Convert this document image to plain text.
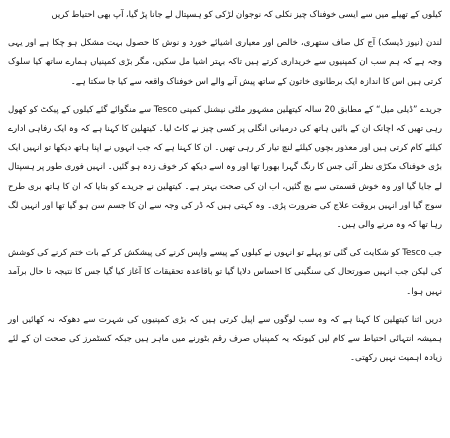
کیلوں کے تھیلے میں سے ایسی خوفناک چیز نکلی کہ نوجوان لڑکی کو ہسپتال لے جانا پڑ گیا، آپ بھی احتیاط کریں

لندن (نیوز ڈیسک) آج کل صاف ستھری، خالص اور معیاری اشیائے خورد و نوش کا حصول بہت مشکل ہو چکا ہے اور یہی وجہ ہے کہ ہم سب ان کمپنیوں سے خریداری کرتے ہیں تاکہ بہتر اشیا مل سکیں، مگر بڑی کمپنیاں ہمارے ساتھ کیا سلوک کرتی ہیں اس کا اندازہ ایک برطانوی خاتون کے ساتھ پیش آنے والے اس خوفناک واقعہ سے کیا جا سکتا ہے۔

جریدے ”ڈیلی میل“ کے مطابق 20 سالہ کیتھلین مشہور ملٹی نیشنل کمپنی Tesco سے منگوائے گئے کیلوں کے پیکٹ کو کھول رہی تھیں کہ اچانک ان کے بائیں ہاتھ کی درمیانی انگلی پر کسی چیز نے کاٹ لیا۔ کیتھلین کا کہنا ہے کہ وہ ایک رفاہی ادارے کیلئے کام کرتی ہیں اور معذور بچوں کیلئے لنچ تیار کر رہی تھیں۔ ان کا کہنا ہے کہ جب انہوں نے اپنا ہاتھ دیکھا تو انہیں ایک بڑی خوفناک مکڑی نظر آئی جس کا رنگ گہرا بھورا تھا اور وہ اسے دیکھ کر خوف زدہ ہو گئیں۔ انہیں فوری طور پر ہسپتال لے جایا گیا اور وہ خوش قسمتی سے بچ گئیں، اب ان کی صحت بہتر ہے۔ کیتھلین نے جریدے کو بتایا کہ ان کا ہاتھ بری طرح سوج گیا اور انہیں بروقت علاج کی ضرورت پڑی۔ وہ کہتی ہیں کہ ڈر کی وجہ سے ان کا جسم سن ہو گیا تھا اور انہیں لگ رہا تھا کہ وہ مرنے والی ہیں۔

جب Tesco کو شکایت کی گئی تو پہلے تو انہوں نے کیلوں کے پیسے واپس کرنے کی پیشکش کر کے بات ختم کرنے کی کوشش کی لیکن جب انہیں صورتحال کی سنگینی کا احساس دلایا گیا تو باقاعدہ تحقیقات کا آغاز کیا گیا جس کا نتیجہ تا حال برآمد نہیں ہوا۔

دریں اثنا کیتھلین کا کہنا ہے کہ وہ سب لوگوں سے اپیل کرتی ہیں کہ بڑی کمپنیوں کی شہرت سے دھوکہ نہ کھائیں اور ہمیشہ انتہائی احتیاط سے کام لیں کیونکہ یہ کمپنیاں صرف رقم بٹورنے میں ماہر ہیں جبکہ کسٹمرز کی صحت ان کے لئے زیادہ اہمیت نہیں رکھتی۔
